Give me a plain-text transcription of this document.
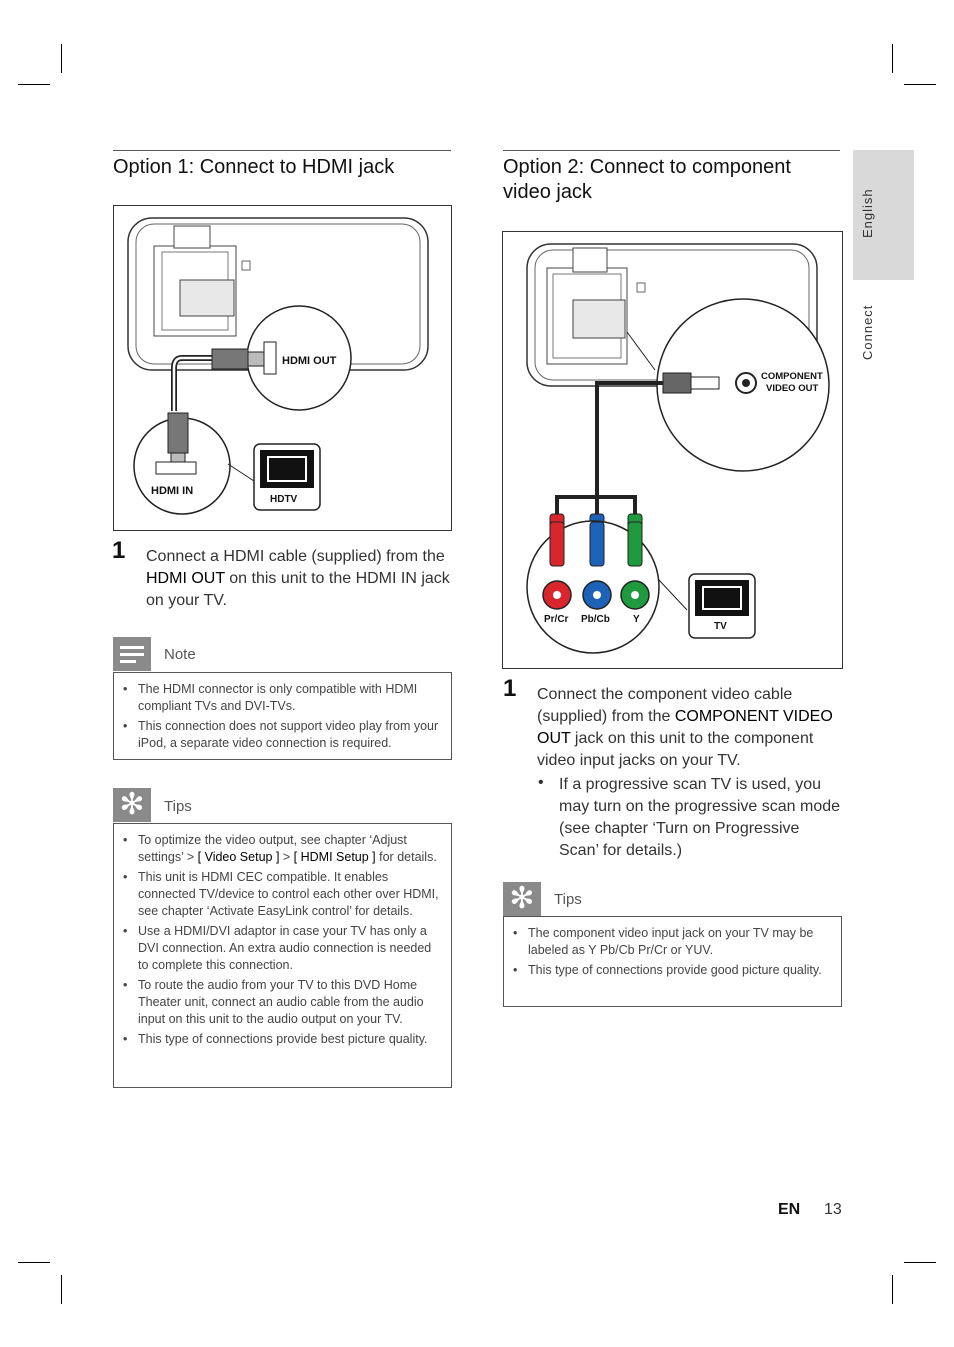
English
Connect
Option 1: Connect to HDMI jack
HDMI OUT
HDMI IN
HDTV
1 Connect a HDMI cable (supplied) from the HDMI OUT on this unit to the HDMI IN jack on your TV.
Note
• The HDMI connector is only compatible with HDMI compliant TVs and DVI-TVs.
• This connection does not support video play from your iPod, a separate video connection is required.
✻	Tips
• To optimize the video output, see chapter ‘Adjust settings’ > [ Video Setup ] > [ HDMI Setup ] for details.
• This unit is HDMI CEC compatible. It enables connected TV/device to control each other over HDMI, see chapter ‘Activate EasyLink control’ for details.
• Use a HDMI/DVI adaptor in case your TV has only a DVI connection. An extra audio connection is needed to complete this connection.
• To route the audio from your TV to this DVD Home Theater unit, connect an audio cable from the audio input on this unit to the audio output on your TV.
• This type of connections provide best picture quality.
Option 2: Connect to component video jack
COMPONENT
VIDEO OUT
Pr/Cr Pb/Cb Y
TV
1 Connect the component video cable (supplied) from the COMPONENT VIDEO OUT jack on this unit to the component video input jacks on your TV.
• If a progressive scan TV is used, you may turn on the progressive scan mode (see chapter ‘Turn on Progressive Scan’ for details.)
✻	Tips
• The component video input jack on your TV may be labeled as Y Pb/Cb Pr/Cr or YUV.
• This type of connections provide good picture quality.
EN 13
